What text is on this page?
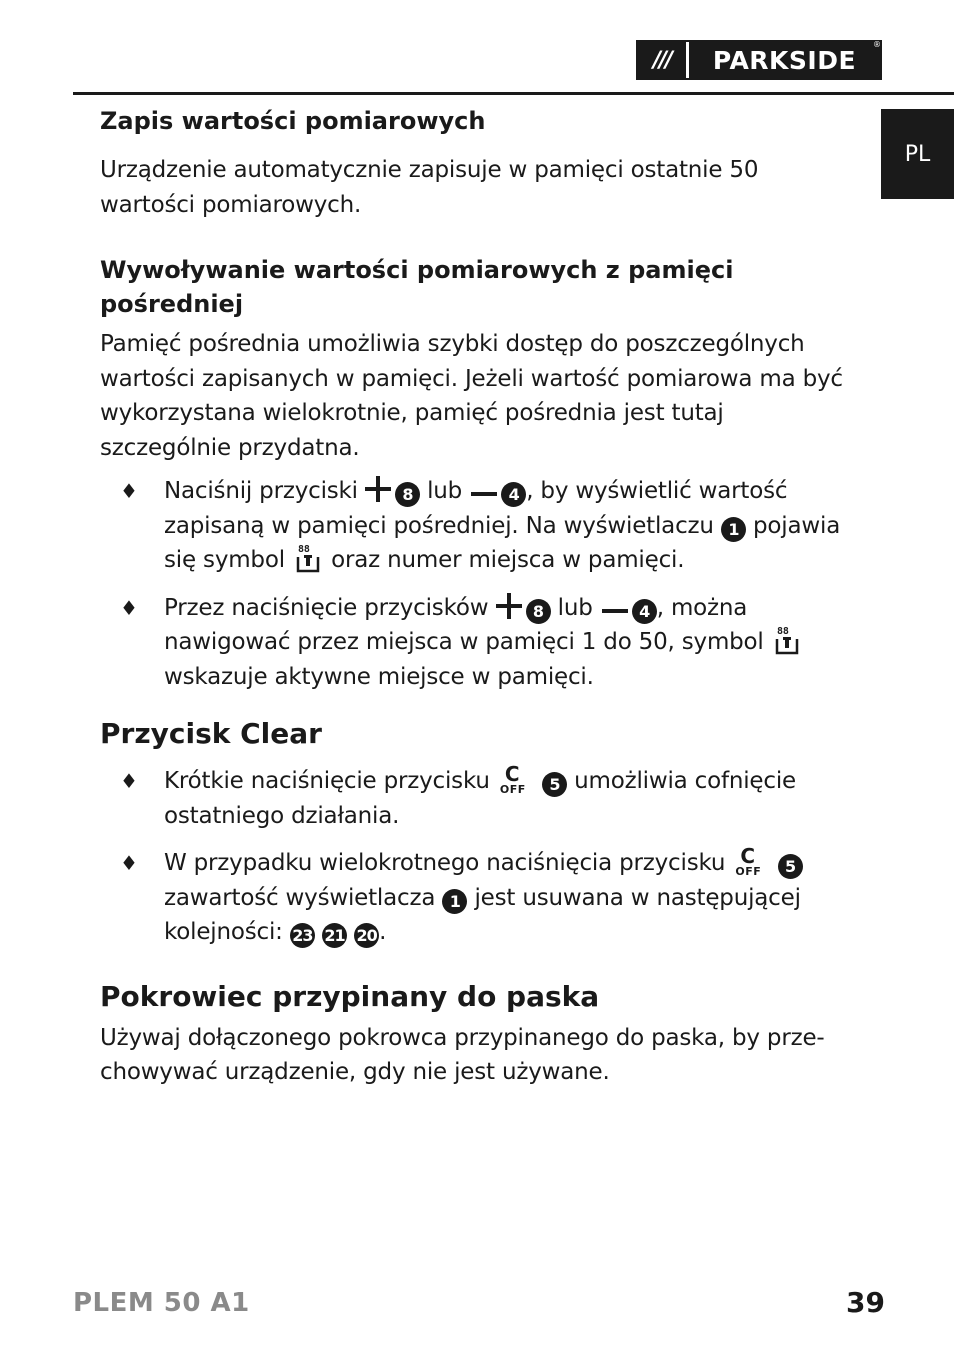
///	PARKSIDE
®
PL
Zapis wartości pomiarowych

Urządzenie automatycznie zapisuje w pamięci ostatnie 50 wartości pomiarowych.

Wywoływanie wartości pomiarowych z pamięci pośredniej

Pamięć pośrednia umożliwia szybki dostęp do poszczególnych wartości zapisanych w pamięci. Jeżeli wartość pomiarowa ma być wykorzystana wielokrotnie, pamięć pośrednia jest tutaj szczególnie przydatna.

♦ Naciśnij przyciski	8 lub	4 , by wyświetlić wartość zapisaną w pamięci pośredniej. Na wyświetlaczu 1 pojawia się symbol 88 oraz numer miejsca w pamięci.
♦ Przez naciśnięcie przycisków	8 lub	4 , można nawigować przez miejsca w pamięci 1 do 50, symbol 88
wskazuje aktywne miejsce w pamięci.
Przycisk Clear
♦ Krótkie naciśnięcie przycisku C
OFF 5 umożliwia cofnięcie ostatniego działania.
♦ W przypadku wielokrotnego naciśnięcia przycisku C
OFF 5 zawartość wyświetlacza 1 jest usuwana w następującej kolejności: 23 21 20 .
Pokrowiec przypinany do paska

Używaj dołączonego pokrowca przypinanego do paska, by prze-chowywać urządzenie, gdy nie jest używane.

PLEM 50 A1	39
